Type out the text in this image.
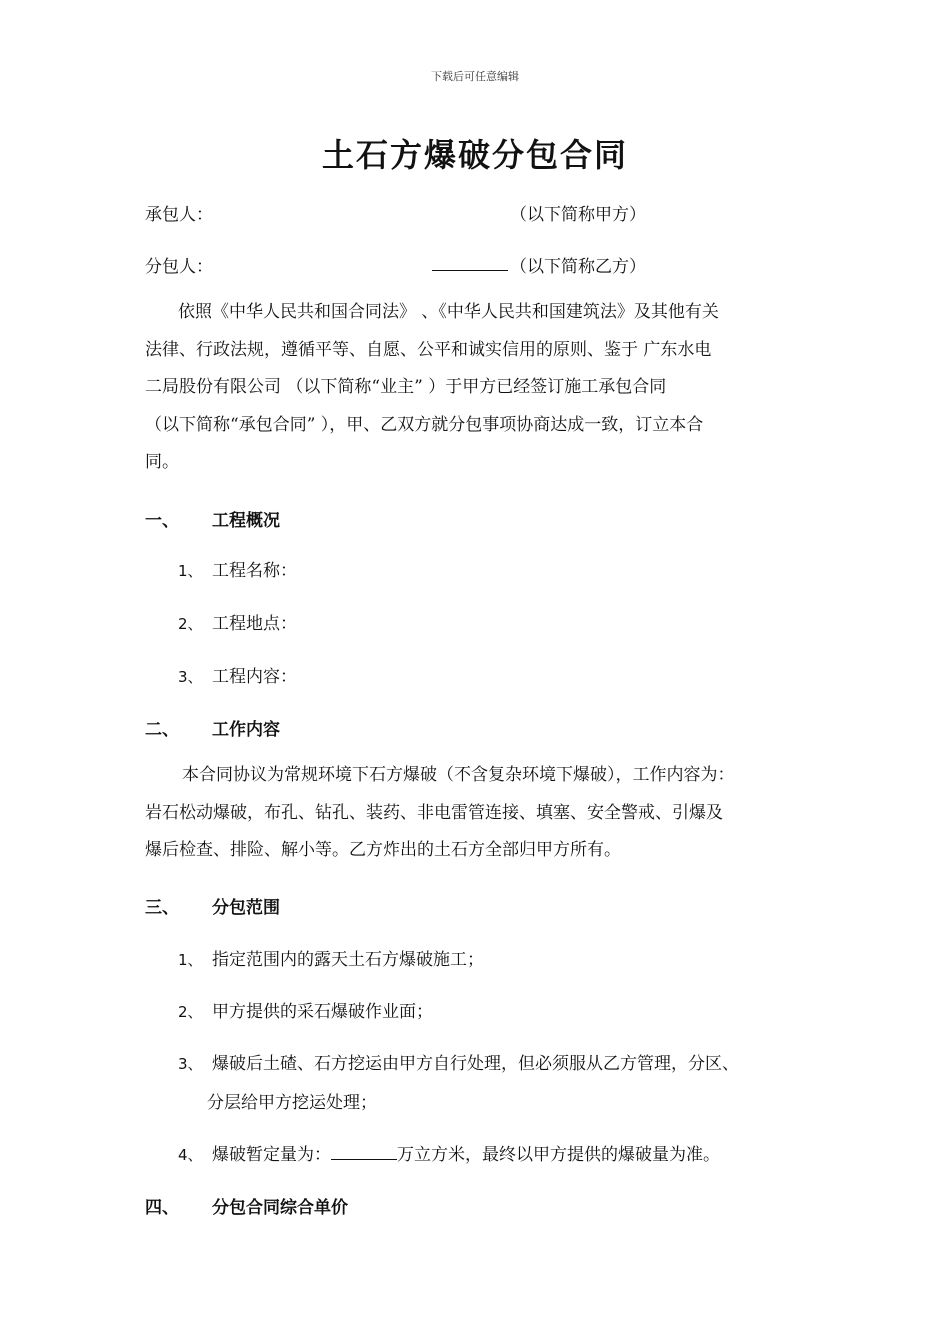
下载后可任意编辑
土石方爆破分包合同
承包人：	（以下简称甲方）
分包人：	（以下简称乙方）
依照《中华人民共和国合同法》 、《中华人民共和国建筑法》及其他有关
法律、行政法规，遵循平等、自愿、公平和诚实信用的原则、鉴于 广东水电
二局股份有限公司 （以下简称“业主” ）于甲方已经签订施工承包合同
（以下简称“承包合同” ），甲、乙双方就分包事项协商达成一致，订立本合
同。
一、 工程概况
1、 工程名称：
2、 工程地点：
3、 工程内容：
二、 工作内容
本合同协议为常规环境下石方爆破（不含复杂环境下爆破），工作内容为：
岩石松动爆破，布孔、钻孔、装药、非电雷管连接、填塞、安全警戒、引爆及
爆后检查、排险、解小等。乙方炸出的土石方全部归甲方所有。
三、 分包范围
1、 指定范围内的露天土石方爆破施工；
2、 甲方提供的采石爆破作业面；
3、 爆破后土碴、石方挖运由甲方自行处理，但必须服从乙方管理，分区、
分层给甲方挖运处理；
4、 爆破暂定量为：	万立方米，最终以甲方提供的爆破量为准。
四、 分包合同综合单价
